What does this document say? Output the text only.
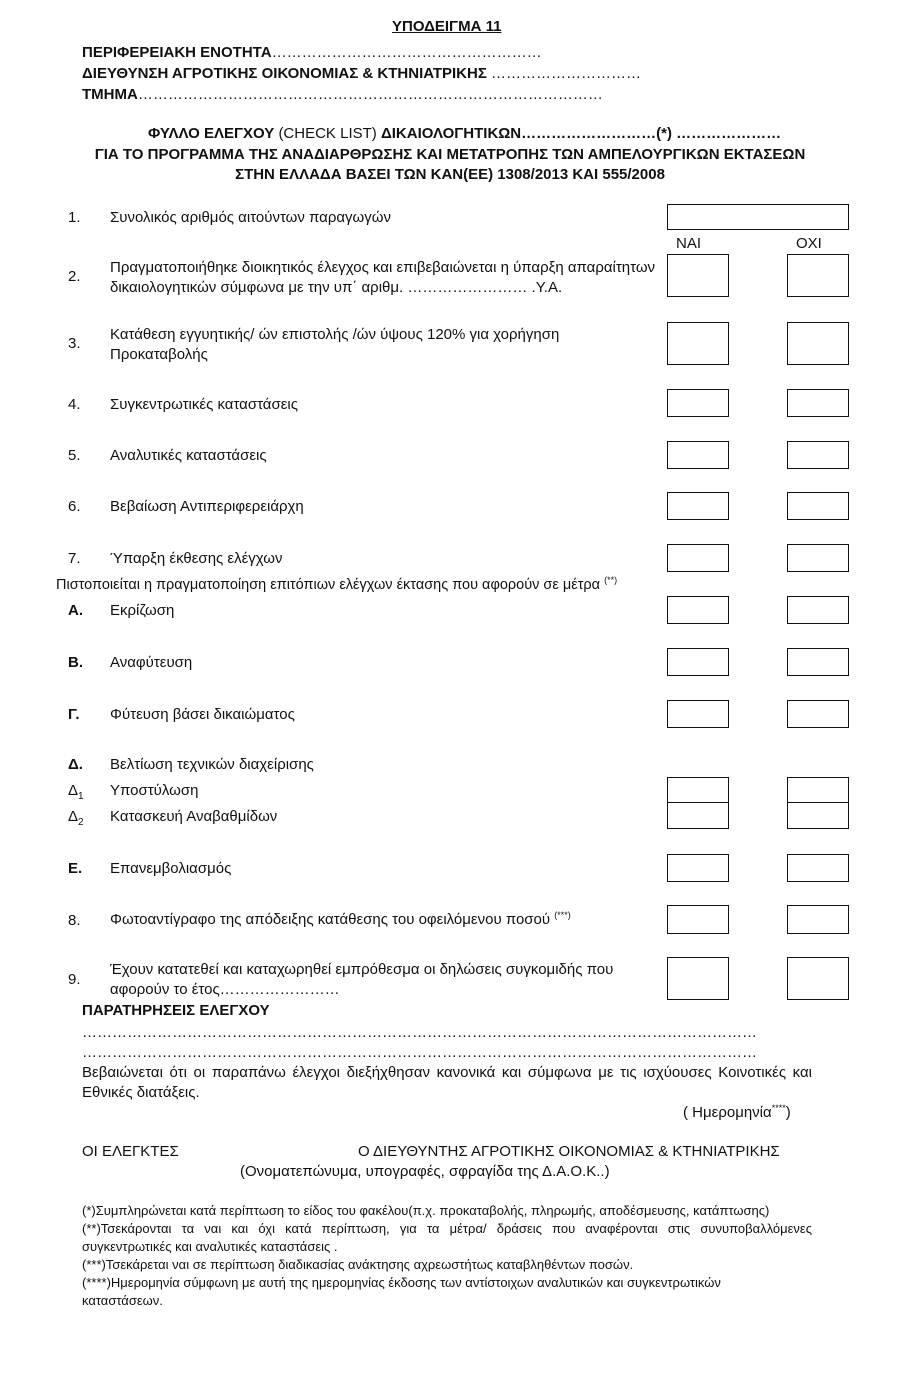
ΥΠΟΔΕΙΓΜΑ 11
ΠΕΡΙΦΕΡΕΙΑΚΗ ΕΝΟΤΗΤΑ………………………………………………
ΔΙΕΥΘΥΝΣΗ ΑΓΡΟΤΙΚΗΣ ΟΙΚΟΝΟΜΙΑΣ & ΚΤΗΝΙΑΤΡΙΚΗΣ …………………………
ΤΜΗΜΑ…………………………………………………………………………………
ΦΥΛΛΟ ΕΛΕΓΧΟΥ (CHECK LIST) ΔΙΚΑΙΟΛΟΓΗΤΙΚΩΝ………………………(*) …………………
ΓΙΑ ΤΟ ΠΡΟΓΡΑΜΜΑ ΤΗΣ ΑΝΑΔΙΑΡΘΡΩΣΗΣ ΚΑΙ ΜΕΤΑΤΡΟΠΗΣ ΤΩΝ ΑΜΠΕΛΟΥΡΓΙΚΩΝ ΕΚΤΑΣΕΩΝ
ΣΤΗΝ ΕΛΛΑΔΑ ΒΑΣΕΙ ΤΩΝ ΚΑΝ(ΕΕ) 1308/2013 ΚΑΙ 555/2008
1.	Συνολικός αριθμός αιτούντων παραγωγών
ΝΑΙ	ΟΧΙ
2.
Πραγματοποιήθηκε διοικητικός έλεγχος και επιβεβαιώνεται η ύπαρξη απαραίτητων
δικαιολογητικών σύμφωνα με την υπ΄ αριθμ. …………………… .Υ.Α.
3.
Κατάθεση εγγυητικής/ ών επιστολής /ών ύψους 120% για χορήγηση
Προκαταβολής
4.	Συγκεντρωτικές καταστάσεις
5.	Αναλυτικές καταστάσεις
6.	Βεβαίωση Αντιπεριφερειάρχη
7.	Ύπαρξη έκθεσης ελέγχων
Πιστοποιείται η πραγματοποίηση επιτόπιων ελέγχων έκτασης που αφορούν σε μέτρα (**)
Α.	Εκρίζωση
Β.	Αναφύτευση
Γ.	Φύτευση βάσει δικαιώματος
Δ.	Βελτίωση τεχνικών διαχείρισης
$\Delta_1$	Υποστύλωση
$\Delta_2$	Κατασκευή Αναβαθμίδων
Ε.	Επανεμβολιασμός
8.	Φωτοαντίγραφο της απόδειξης κατάθεσης του οφειλόμενου ποσού (***)
9.
Έχουν κατατεθεί και καταχωρηθεί εμπρόθεσμα οι δηλώσεις συγκομιδής που
αφορούν το έτος……………………
ΠΑΡΑΤΗΡΗΣΕΙΣ ΕΛΕΓΧΟΥ
………………………………………………………………………………………………………………………
………………………………………………………………………………………………………………………
Βεβαιώνεται ότι οι παραπάνω έλεγχοι διεξήχθησαν κανονικά και σύμφωνα με τις ισχύουσες Κοινοτικές και
Εθνικές διατάξεις.
( Ημερομηνία****)
ΟΙ ΕΛΕΓΚΤΕΣ	Ο ΔΙΕΥΘΥΝΤΗΣ ΑΓΡΟΤΙΚΗΣ ΟΙΚΟΝΟΜΙΑΣ & ΚΤΗΝΙΑΤΡΙΚΗΣ
(Ονοματεπώνυμα, υπογραφές, σφραγίδα της Δ.Α.Ο.Κ..)
(*)Συμπληρώνεται κατά περίπτωση το είδος του φακέλου(π.χ. προκαταβολής, πληρωμής, αποδέσμευσης, κατάπτωσης)
(**)Τσεκάρονται τα ναι και όχι κατά περίπτωση, για τα μέτρα/ δράσεις που αναφέρονται στις συνυποβαλλόμενες
συγκεντρωτικές και αναλυτικές καταστάσεις .
(***)Τσεκάρεται ναι σε περίπτωση διαδικασίας ανάκτησης αχρεωστήτως καταβληθέντων ποσών.
(****)Ημερομηνία σύμφωνη με αυτή της ημερομηνίας έκδοσης των αντίστοιχων αναλυτικών και συγκεντρωτικών
καταστάσεων.
